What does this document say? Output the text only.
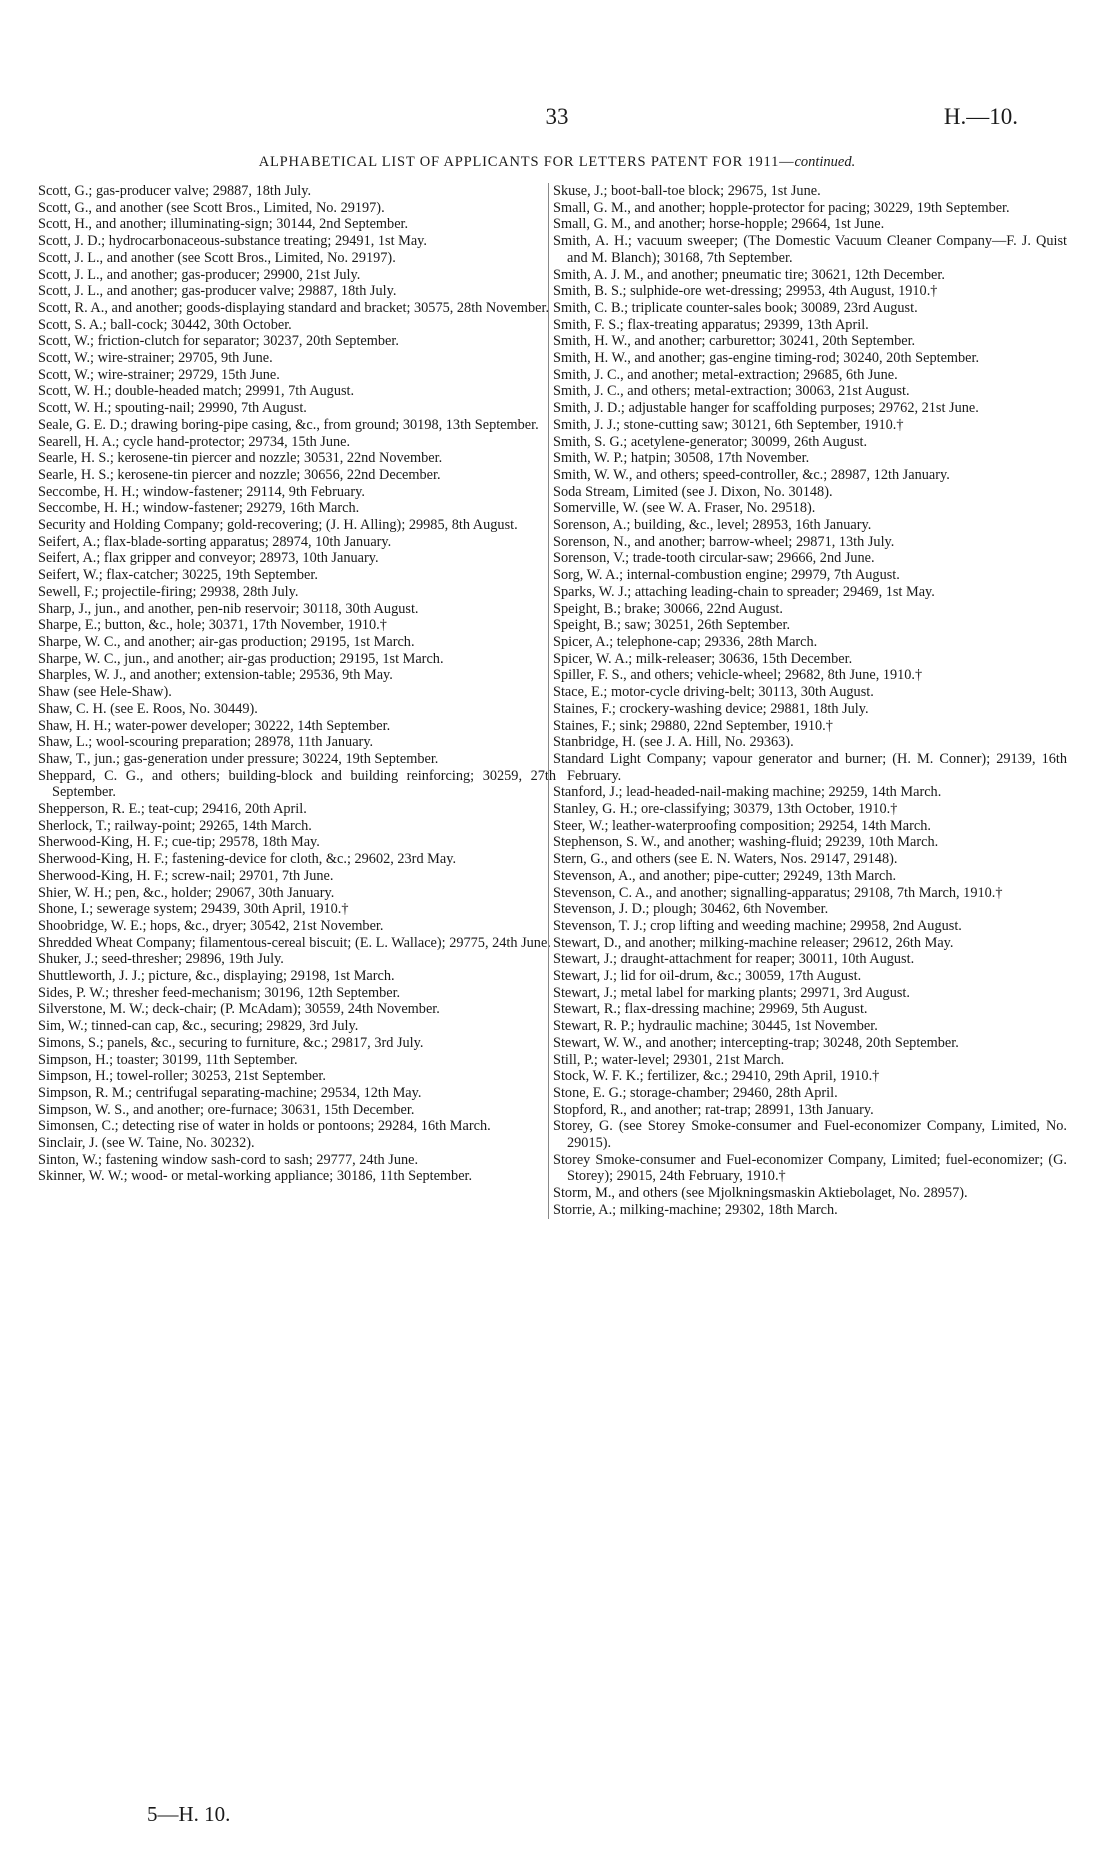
33	H.—10.
ALPHABETICAL LIST OF APPLICANTS FOR LETTERS PATENT FOR 1911—continued.

Scott, G.; gas-producer valve; 29887, 18th July.

Scott, G., and another (see Scott Bros., Limited, No. 29197).

Scott, H., and another; illuminating-sign; 30144, 2nd September.

Scott, J. D.; hydrocarbonaceous-substance treating; 29491, 1st May.

Scott, J. L., and another (see Scott Bros., Limited, No. 29197).

Scott, J. L., and another; gas-producer; 29900, 21st July.

Scott, J. L., and another; gas-producer valve; 29887, 18th July.

Scott, R. A., and another; goods-displaying standard and bracket; 30575, 28th November.

Scott, S. A.; ball-cock; 30442, 30th October.

Scott, W.; friction-clutch for separator; 30237, 20th September.

Scott, W.; wire-strainer; 29705, 9th June.

Scott, W.; wire-strainer; 29729, 15th June.

Scott, W. H.; double-headed match; 29991, 7th August.

Scott, W. H.; spouting-nail; 29990, 7th August.

Seale, G. E. D.; drawing boring-pipe casing, &c., from ground; 30198, 13th September.

Searell, H. A.; cycle hand-protector; 29734, 15th June.

Searle, H. S.; kerosene-tin piercer and nozzle; 30531, 22nd November.

Searle, H. S.; kerosene-tin piercer and nozzle; 30656, 22nd December.

Seccombe, H. H.; window-fastener; 29114, 9th February.

Seccombe, H. H.; window-fastener; 29279, 16th March.

Security and Holding Company; gold-recovering; (J. H. Alling); 29985, 8th August.

Seifert, A.; flax-blade-sorting apparatus; 28974, 10th January.

Seifert, A.; flax gripper and conveyor; 28973, 10th January.

Seifert, W.; flax-catcher; 30225, 19th September.

Sewell, F.; projectile-firing; 29938, 28th July.

Sharp, J., jun., and another, pen-nib reservoir; 30118, 30th August.

Sharpe, E.; button, &c., hole; 30371, 17th November, 1910.†

Sharpe, W. C., and another; air-gas production; 29195, 1st March.

Sharpe, W. C., jun., and another; air-gas production; 29195, 1st March.

Sharples, W. J., and another; extension-table; 29536, 9th May.

Shaw (see Hele-Shaw).

Shaw, C. H. (see E. Roos, No. 30449).

Shaw, H. H.; water-power developer; 30222, 14th September.

Shaw, L.; wool-scouring preparation; 28978, 11th January.

Shaw, T., jun.; gas-generation under pressure; 30224, 19th September.

Sheppard, C. G., and others; building-block and building reinforcing; 30259, 27th September.

Shepperson, R. E.; teat-cup; 29416, 20th April.

Sherlock, T.; railway-point; 29265, 14th March.

Sherwood-King, H. F.; cue-tip; 29578, 18th May.

Sherwood-King, H. F.; fastening-device for cloth, &c.; 29602, 23rd May.

Sherwood-King, H. F.; screw-nail; 29701, 7th June.

Shier, W. H.; pen, &c., holder; 29067, 30th January.

Shone, I.; sewerage system; 29439, 30th April, 1910.†

Shoobridge, W. E.; hops, &c., dryer; 30542, 21st November.

Shredded Wheat Company; filamentous-cereal biscuit; (E. L. Wallace); 29775, 24th June.

Shuker, J.; seed-thresher; 29896, 19th July.

Shuttleworth, J. J.; picture, &c., displaying; 29198, 1st March.

Sides, P. W.; thresher feed-mechanism; 30196, 12th September.

Silverstone, M. W.; deck-chair; (P. McAdam); 30559, 24th November.

Sim, W.; tinned-can cap, &c., securing; 29829, 3rd July.

Simons, S.; panels, &c., securing to furniture, &c.; 29817, 3rd July.

Simpson, H.; toaster; 30199, 11th September.

Simpson, H.; towel-roller; 30253, 21st September.

Simpson, R. M.; centrifugal separating-machine; 29534, 12th May.

Simpson, W. S., and another; ore-furnace; 30631, 15th December.

Simonsen, C.; detecting rise of water in holds or pontoons; 29284, 16th March.

Sinclair, J. (see W. Taine, No. 30232).

Sinton, W.; fastening window sash-cord to sash; 29777, 24th June.

Skinner, W. W.; wood- or metal-working appliance; 30186, 11th September.

Skuse, J.; boot-ball-toe block; 29675, 1st June.

Small, G. M., and another; hopple-protector for pacing; 30229, 19th September.

Small, G. M., and another; horse-hopple; 29664, 1st June.

Smith, A. H.; vacuum sweeper; (The Domestic Vacuum Cleaner Company—F. J. Quist and M. Blanch); 30168, 7th September.

Smith, A. J. M., and another; pneumatic tire; 30621, 12th December.

Smith, B. S.; sulphide-ore wet-dressing; 29953, 4th August, 1910.†

Smith, C. B.; triplicate counter-sales book; 30089, 23rd August.

Smith, F. S.; flax-treating apparatus; 29399, 13th April.

Smith, H. W., and another; carburettor; 30241, 20th September.

Smith, H. W., and another; gas-engine timing-rod; 30240, 20th September.

Smith, J. C., and another; metal-extraction; 29685, 6th June.

Smith, J. C., and others; metal-extraction; 30063, 21st August.

Smith, J. D.; adjustable hanger for scaffolding purposes; 29762, 21st June.

Smith, J. J.; stone-cutting saw; 30121, 6th September, 1910.†

Smith, S. G.; acetylene-generator; 30099, 26th August.

Smith, W. P.; hatpin; 30508, 17th November.

Smith, W. W., and others; speed-controller, &c.; 28987, 12th January.

Soda Stream, Limited (see J. Dixon, No. 30148).

Somerville, W. (see W. A. Fraser, No. 29518).

Sorenson, A.; building, &c., level; 28953, 16th January.

Sorenson, N., and another; barrow-wheel; 29871, 13th July.

Sorenson, V.; trade-tooth circular-saw; 29666, 2nd June.

Sorg, W. A.; internal-combustion engine; 29979, 7th August.

Sparks, W. J.; attaching leading-chain to spreader; 29469, 1st May.

Speight, B.; brake; 30066, 22nd August.

Speight, B.; saw; 30251, 26th September.

Spicer, A.; telephone-cap; 29336, 28th March.

Spicer, W. A.; milk-releaser; 30636, 15th December.

Spiller, F. S., and others; vehicle-wheel; 29682, 8th June, 1910.†

Stace, E.; motor-cycle driving-belt; 30113, 30th August.

Staines, F.; crockery-washing device; 29881, 18th July.

Staines, F.; sink; 29880, 22nd September, 1910.†

Stanbridge, H. (see J. A. Hill, No. 29363).

Standard Light Company; vapour generator and burner; (H. M. Conner); 29139, 16th February.

Stanford, J.; lead-headed-nail-making machine; 29259, 14th March.

Stanley, G. H.; ore-classifying; 30379, 13th October, 1910.†

Steer, W.; leather-waterproofing composition; 29254, 14th March.

Stephenson, S. W., and another; washing-fluid; 29239, 10th March.

Stern, G., and others (see E. N. Waters, Nos. 29147, 29148).

Stevenson, A., and another; pipe-cutter; 29249, 13th March.

Stevenson, C. A., and another; signalling-apparatus; 29108, 7th March, 1910.†

Stevenson, J. D.; plough; 30462, 6th November.

Stevenson, T. J.; crop lifting and weeding machine; 29958, 2nd August.

Stewart, D., and another; milking-machine releaser; 29612, 26th May.

Stewart, J.; draught-attachment for reaper; 30011, 10th August.

Stewart, J.; lid for oil-drum, &c.; 30059, 17th August.

Stewart, J.; metal label for marking plants; 29971, 3rd August.

Stewart, R.; flax-dressing machine; 29969, 5th August.

Stewart, R. P.; hydraulic machine; 30445, 1st November.

Stewart, W. W., and another; intercepting-trap; 30248, 20th September.

Still, P.; water-level; 29301, 21st March.

Stock, W. F. K.; fertilizer, &c.; 29410, 29th April, 1910.†

Stone, E. G.; storage-chamber; 29460, 28th April.

Stopford, R., and another; rat-trap; 28991, 13th January.

Storey, G. (see Storey Smoke-consumer and Fuel-economizer Company, Limited, No. 29015).

Storey Smoke-consumer and Fuel-economizer Company, Limited; fuel-economizer; (G. Storey); 29015, 24th February, 1910.†

Storm, M., and others (see Mjolkningsmaskin Aktiebolaget, No. 28957).

Storrie, A.; milking-machine; 29302, 18th March.

5—H. 10.
